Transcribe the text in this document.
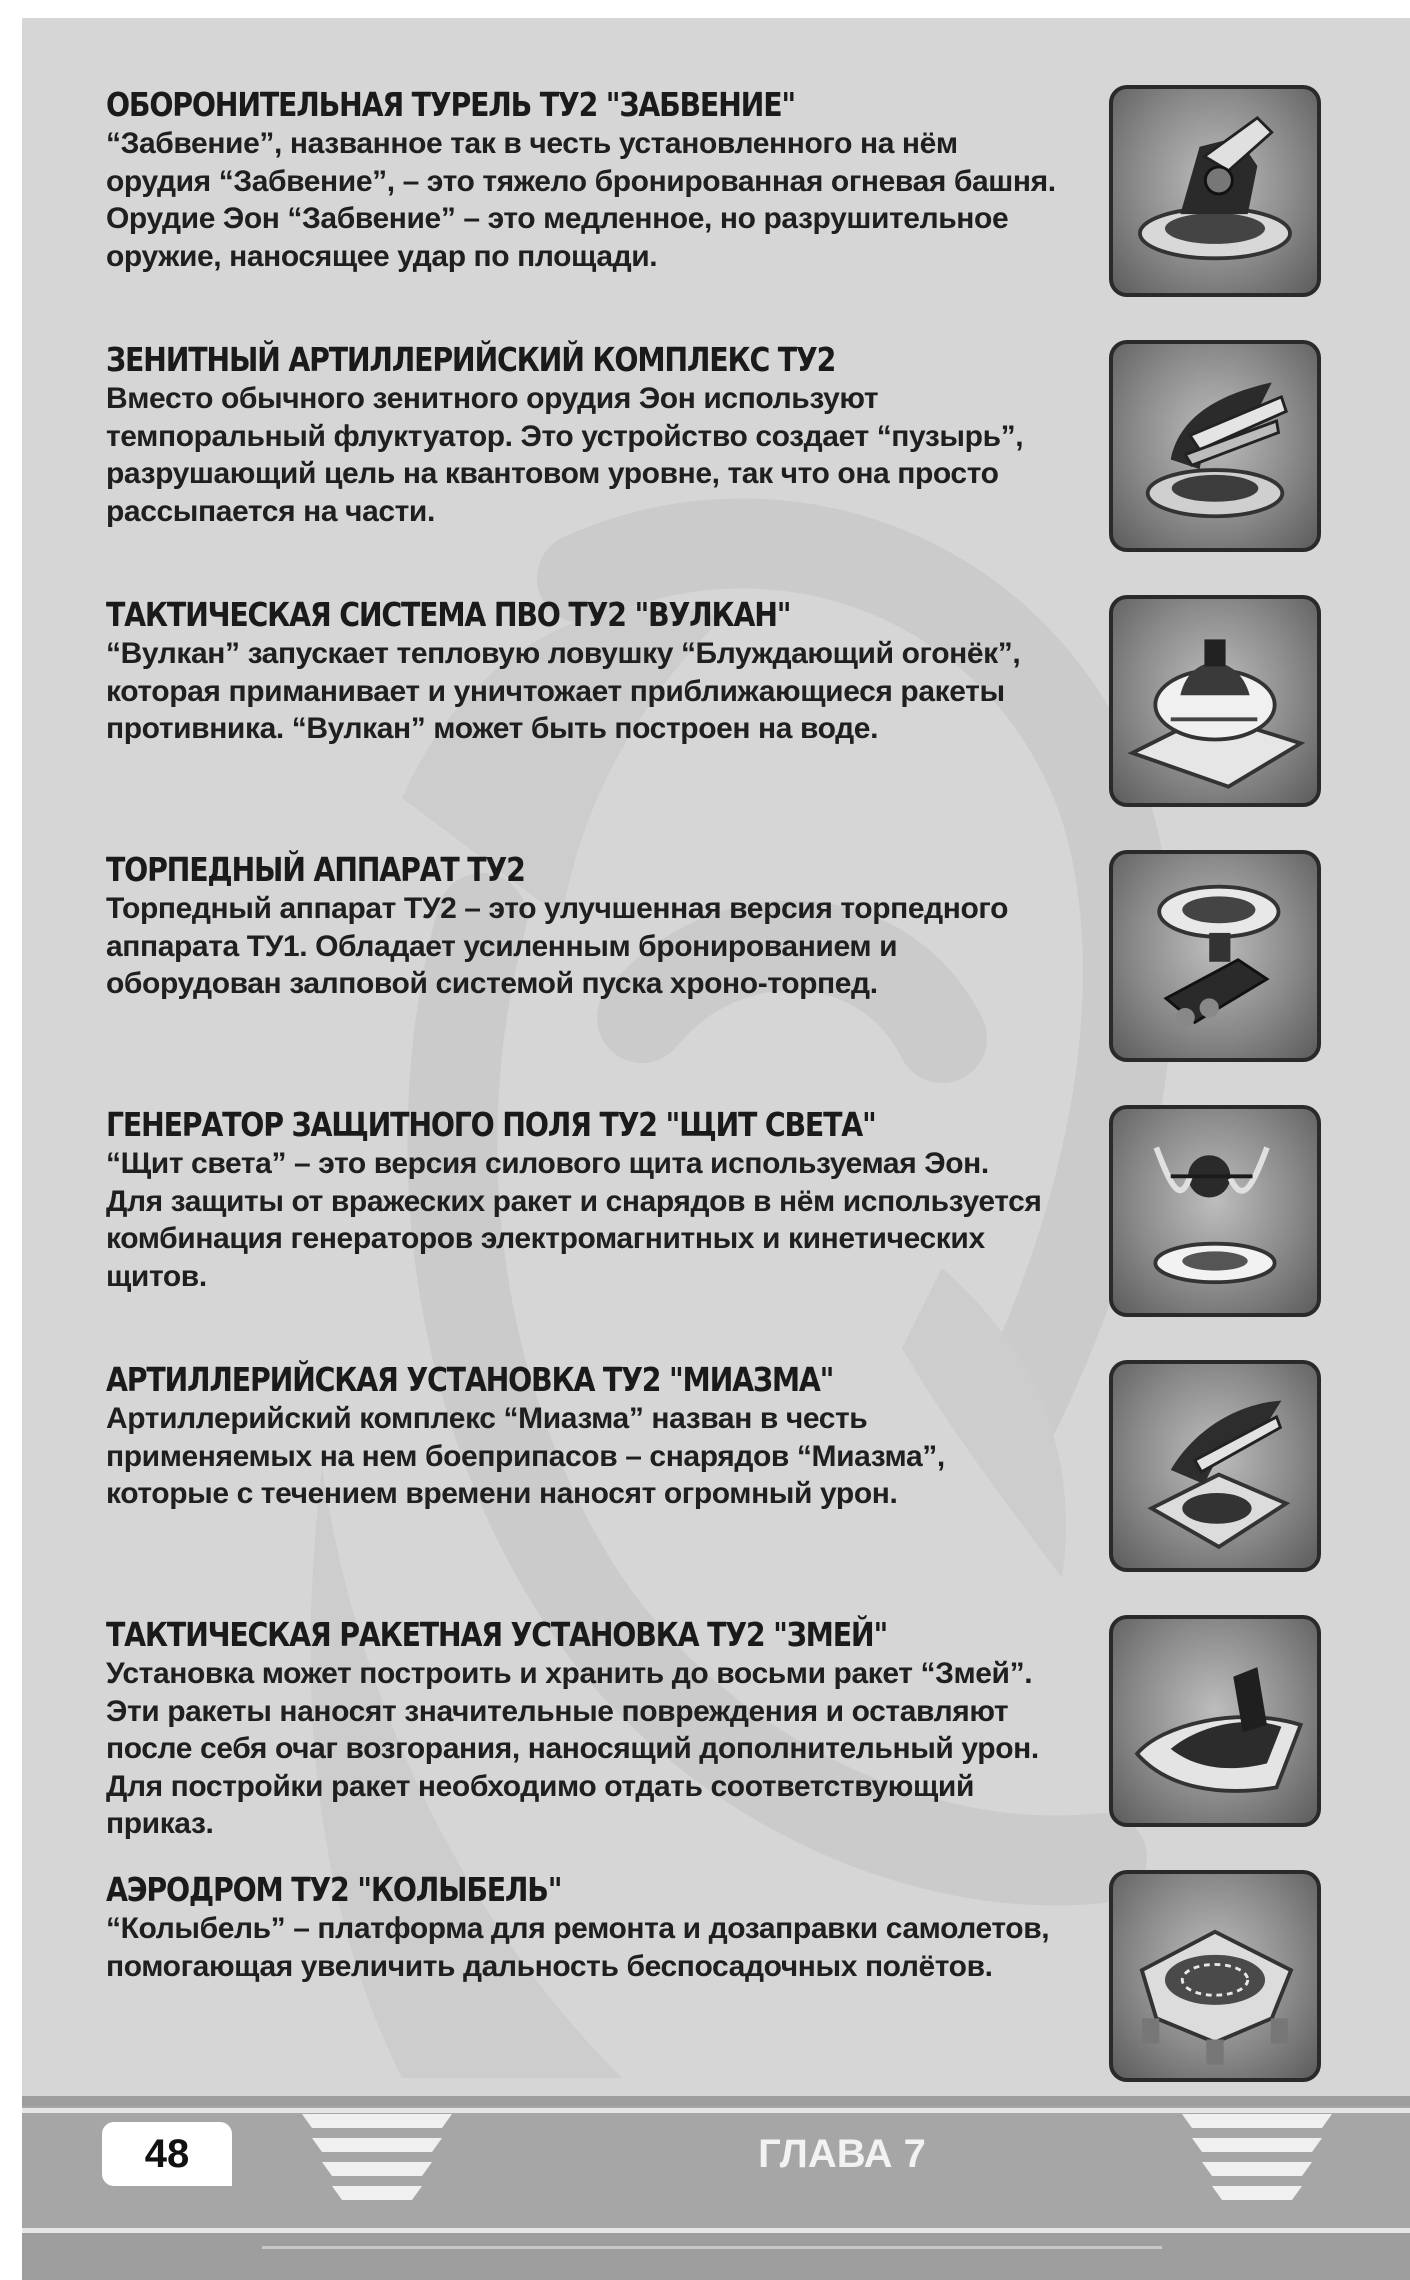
ОБОРОНИТЕЛЬНАЯ ТУРЕЛЬ ТУ2 "ЗАБВЕНИЕ"
“Забвение”, названное так в честь установленного на нём
орудия “Забвение”, – это тяжело бронированная огневая башня.
Орудие Эон “Забвение” – это медленное, но разрушительное
оружие, наносящее удар по площади.
ЗЕНИТНЫЙ АРТИЛЛЕРИЙСКИЙ КОМПЛЕКС ТУ2
Вместо обычного зенитного орудия Эон используют
темпоральный флуктуатор. Это устройство создает “пузырь”,
разрушающий цель на квантовом уровне, так что она просто
рассыпается на части.
ТАКТИЧЕСКАЯ СИСТЕМА ПВО ТУ2 "ВУЛКАН"
“Вулкан” запускает тепловую ловушку “Блуждающий огонёк”,
которая приманивает и уничтожает приближающиеся ракеты
противника. “Вулкан” может быть построен на воде.
ТОРПЕДНЫЙ АППАРАТ ТУ2
Торпедный аппарат ТУ2 – это улучшенная версия торпедного
аппарата ТУ1. Обладает усиленным бронированием и
оборудован залповой системой пуска хроно-торпед.
ГЕНЕРАТОР ЗАЩИТНОГО ПОЛЯ ТУ2 "ЩИТ СВЕТА"
“Щит света” – это версия силового щита используемая Эон.
Для защиты от вражеских ракет и снарядов в нём используется
комбинация генераторов электромагнитных и кинетических
щитов.
АРТИЛЛЕРИЙСКАЯ УСТАНОВКА ТУ2 "МИАЗМА"
Артиллерийский комплекс “Миазма” назван в честь
применяемых на нем боеприпасов – снарядов “Миазма”,
которые с течением времени наносят огромный урон.
ТАКТИЧЕСКАЯ РАКЕТНАЯ УСТАНОВКА ТУ2 "ЗМЕЙ"
Установка может построить и хранить до восьми ракет “Змей”.
Эти ракеты наносят значительные повреждения и оставляют
после себя очаг возгорания, наносящий дополнительный урон.
Для постройки ракет необходимо отдать соответствующий
приказ.
АЭРОДРОМ ТУ2 "КОЛЫБЕЛЬ"
“Колыбель” – платформа для ремонта и дозаправки самолетов,
помогающая увеличить дальность беспосадочных полётов.
48	ГЛАВА 7
